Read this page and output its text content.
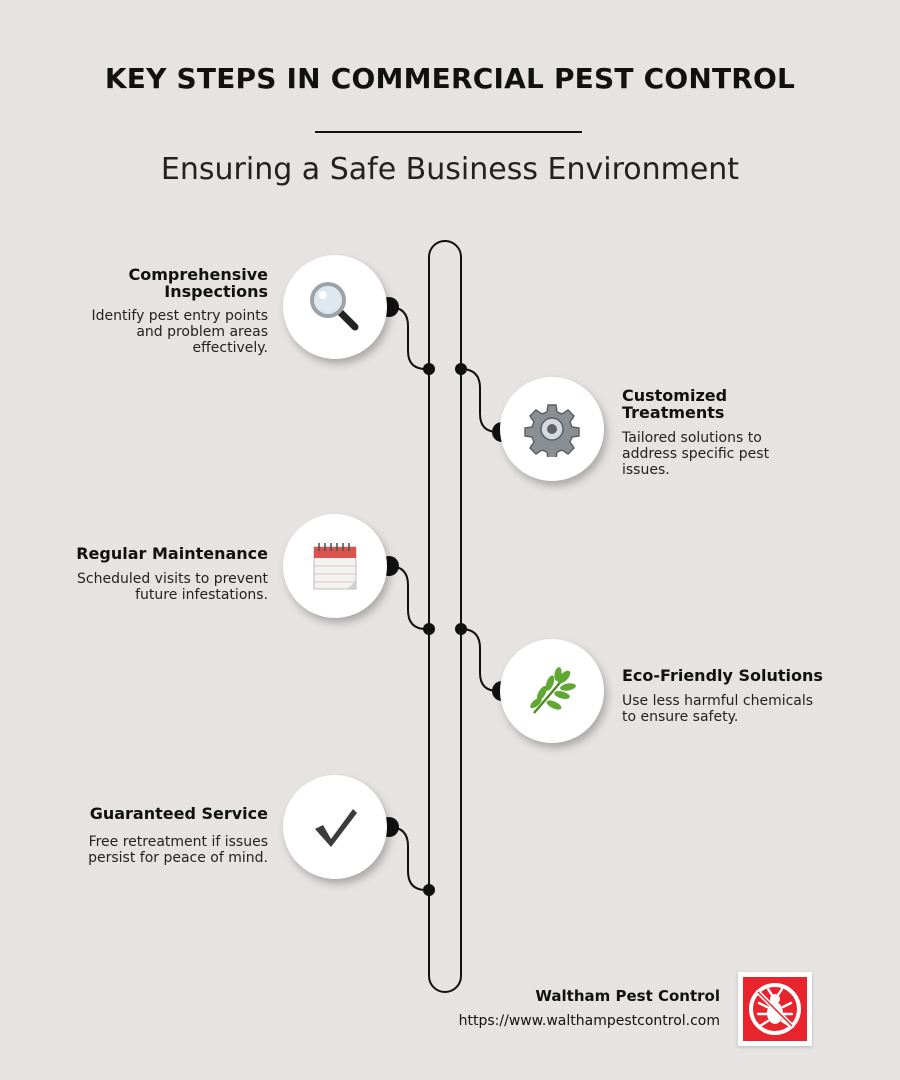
KEY STEPS IN COMMERCIAL PEST CONTROL
Ensuring a Safe Business Environment
Comprehensive
Inspections
Identify pest entry points
and problem areas
effectively.
Customized
Treatments
Tailored solutions to
address specific pest
issues.
Regular Maintenance
Scheduled visits to prevent
future infestations.
Eco-Friendly Solutions
Use less harmful chemicals
to ensure safety.
Guaranteed Service
Free retreatment if issues
persist for peace of mind.
Waltham Pest Control
https://www.walthampestcontrol.com
